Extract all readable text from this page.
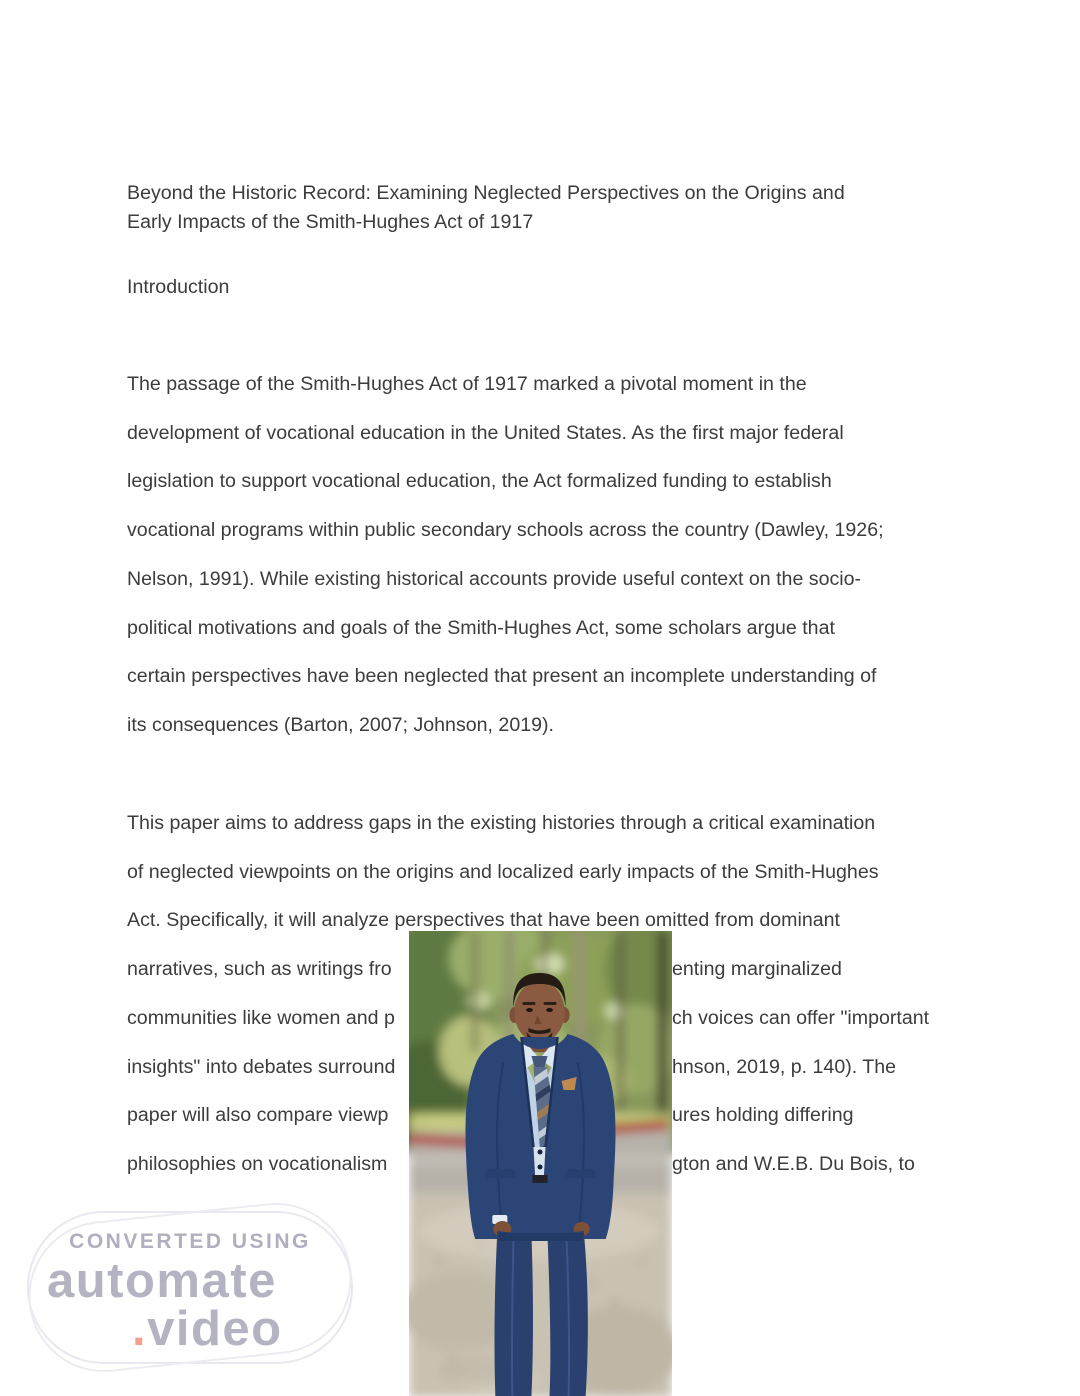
Beyond the Historic Record: Examining Neglected Perspectives on the Origins and
Early Impacts of the Smith-Hughes Act of 1917
Introduction
The passage of the Smith-Hughes Act of 1917 marked a pivotal moment in the
development of vocational education in the United States. As the first major federal
legislation to support vocational education, the Act formalized funding to establish
vocational programs within public secondary schools across the country (Dawley, 1926;
Nelson, 1991). While existing historical accounts provide useful context on the socio-
political motivations and goals of the Smith-Hughes Act, some scholars argue that
certain perspectives have been neglected that present an incomplete understanding of
its consequences (Barton, 2007; Johnson, 2019).
This paper aims to address gaps in the existing histories through a critical examination
of neglected viewpoints on the origins and localized early impacts of the Smith-Hughes
Act. Specifically, it will analyze perspectives that have been omitted from dominant
narratives, such as writings fro	enting marginalized
communities like women and p	ch voices can offer "important
insights" into debates surround	hnson, 2019, p. 140). The
paper will also compare viewp	ures holding differing
philosophies on vocationalism	gton and W.E.B. Du Bois, to
CONVERTED USING
automate
.video
